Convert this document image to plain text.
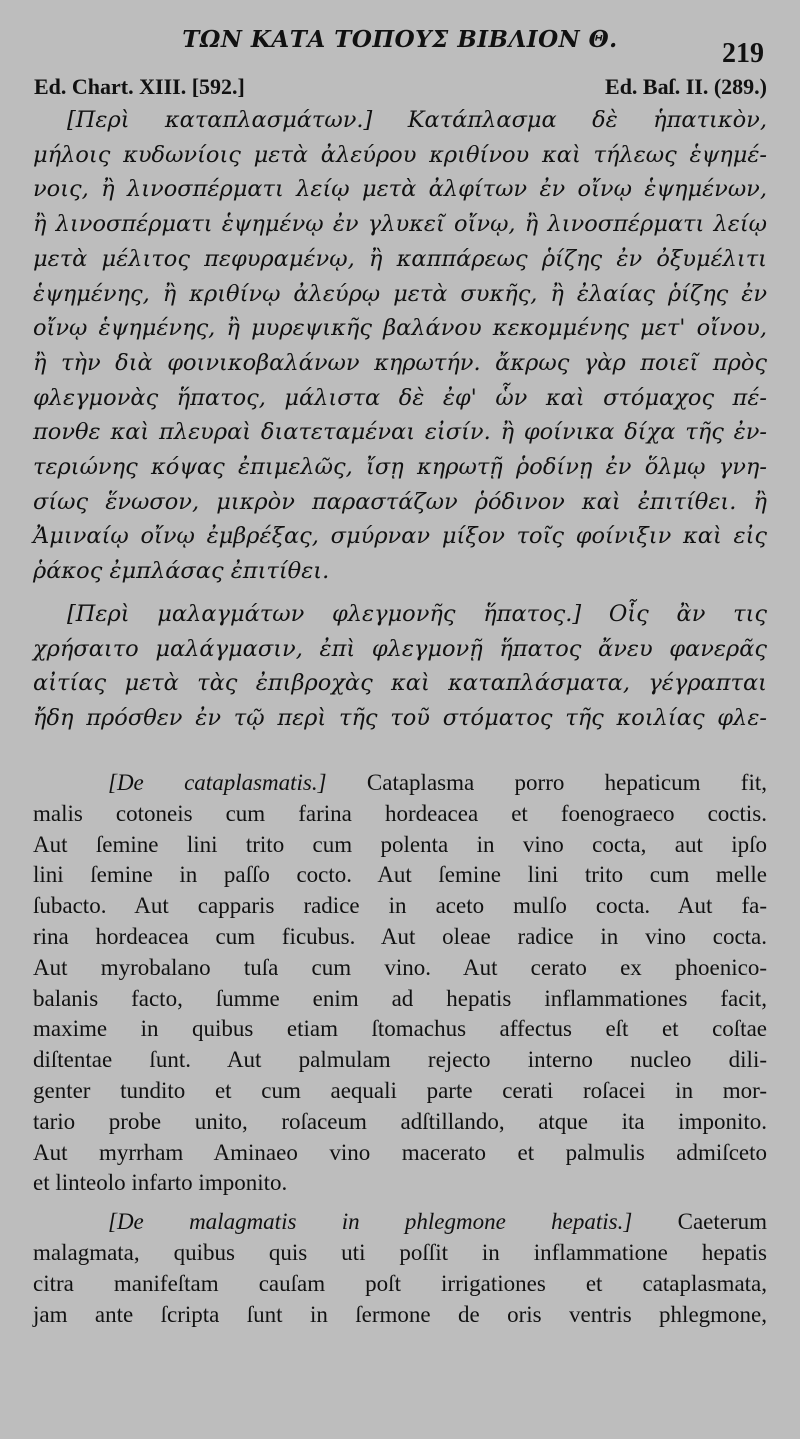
ΤΩΝ ΚΑΤΑ ΤΟΠΟΥΣ ΒΙΒΛΙΟΝ Θ.	219
Ed. Chart. XIII. [592.]	Ed. Baſ. II. (289.)
[Περὶ καταπλασμάτων.] Κατάπλασμα δὲ ἡπατικὸν,
μήλοις κυδωνίοις μετὰ ἀλεύρου κριθίνου καὶ τήλεως ἑψημέ-
νοις, ἢ λινοσπέρματι λείῳ μετὰ ἀλφίτων ἐν οἴνῳ ἑψημένων,
ἢ λινοσπέρματι ἑψημένῳ ἐν γλυκεῖ οἴνῳ, ἢ λινοσπέρματι λείῳ
μετὰ μέλιτος πεφυραμένῳ, ἢ καππάρεως ῥίζης ἐν ὀξυμέλιτι
ἑψημένης, ἢ κριθίνῳ ἀλεύρῳ μετὰ συκῆς, ἢ ἐλαίας ῥίζης ἐν
οἴνῳ ἑψημένης, ἢ μυρεψικῆς βαλάνου κεκομμένης μετ' οἴνου,
ἢ τὴν διὰ φοινικοβαλάνων κηρωτήν. ἄκρως γὰρ ποιεῖ πρὸς
φλεγμονὰς ἥπατος, μάλιστα δὲ ἐφ' ὧν καὶ στόμαχος πέ-
πονθε καὶ πλευραὶ διατεταμέναι εἰσίν. ἢ φοίνικα δίχα τῆς ἐν-
τεριώνης κόψας ἐπιμελῶς, ἴσῃ κηρωτῇ ῥοδίνῃ ἐν ὅλμῳ γνη-
σίως ἕνωσον, μικρὸν παραστάζων ῥόδινον καὶ ἐπιτίθει. ἢ
Ἀμιναίῳ οἴνῳ ἐμβρέξας, σμύρναν μίξον τοῖς φοίνιξιν καὶ εἰς
ῥάκος ἐμπλάσας ἐπιτίθει.
[Περὶ μαλαγμάτων φλεγμονῆς ἥπατος.] Οἷς ἂν τις
χρήσαιτο μαλάγμασιν, ἐπὶ φλεγμονῇ ἥπατος ἄνευ φανερᾶς
αἰτίας μετὰ τὰς ἐπιβροχὰς καὶ καταπλάσματα, γέγραπται
ἤδη πρόσθεν ἐν τῷ περὶ τῆς τοῦ στόματος τῆς κοιλίας φλε-
[De cataplasmatis.] Cataplasma porro hepaticum fit,
malis cotoneis cum farina hordeacea et foenograeco coctis.
Aut ſemine lini trito cum polenta in vino cocta, aut ipſo
lini ſemine in paſſo cocto. Aut ſemine lini trito cum melle
ſubacto. Aut capparis radice in aceto mulſo cocta. Aut fa-
rina hordeacea cum ficubus. Aut oleae radice in vino cocta.
Aut myrobalano tuſa cum vino. Aut cerato ex phoenico-
balanis facto, ſumme enim ad hepatis inflammationes facit,
maxime in quibus etiam ſtomachus affectus eſt et coſtae
diſtentae ſunt. Aut palmulam rejecto interno nucleo dili-
genter tundito et cum aequali parte cerati roſacei in mor-
tario probe unito, roſaceum adſtillando, atque ita imponito.
Aut myrrham Aminaeo vino macerato et palmulis admiſceto
et linteolo infarto imponito.
[De malagmatis in phlegmone hepatis.] Caeterum
malagmata, quibus quis uti poſſit in inflammatione hepatis
citra manifeſtam cauſam poſt irrigationes et cataplasmata,
jam ante ſcripta ſunt in ſermone de oris ventris phlegmone,
